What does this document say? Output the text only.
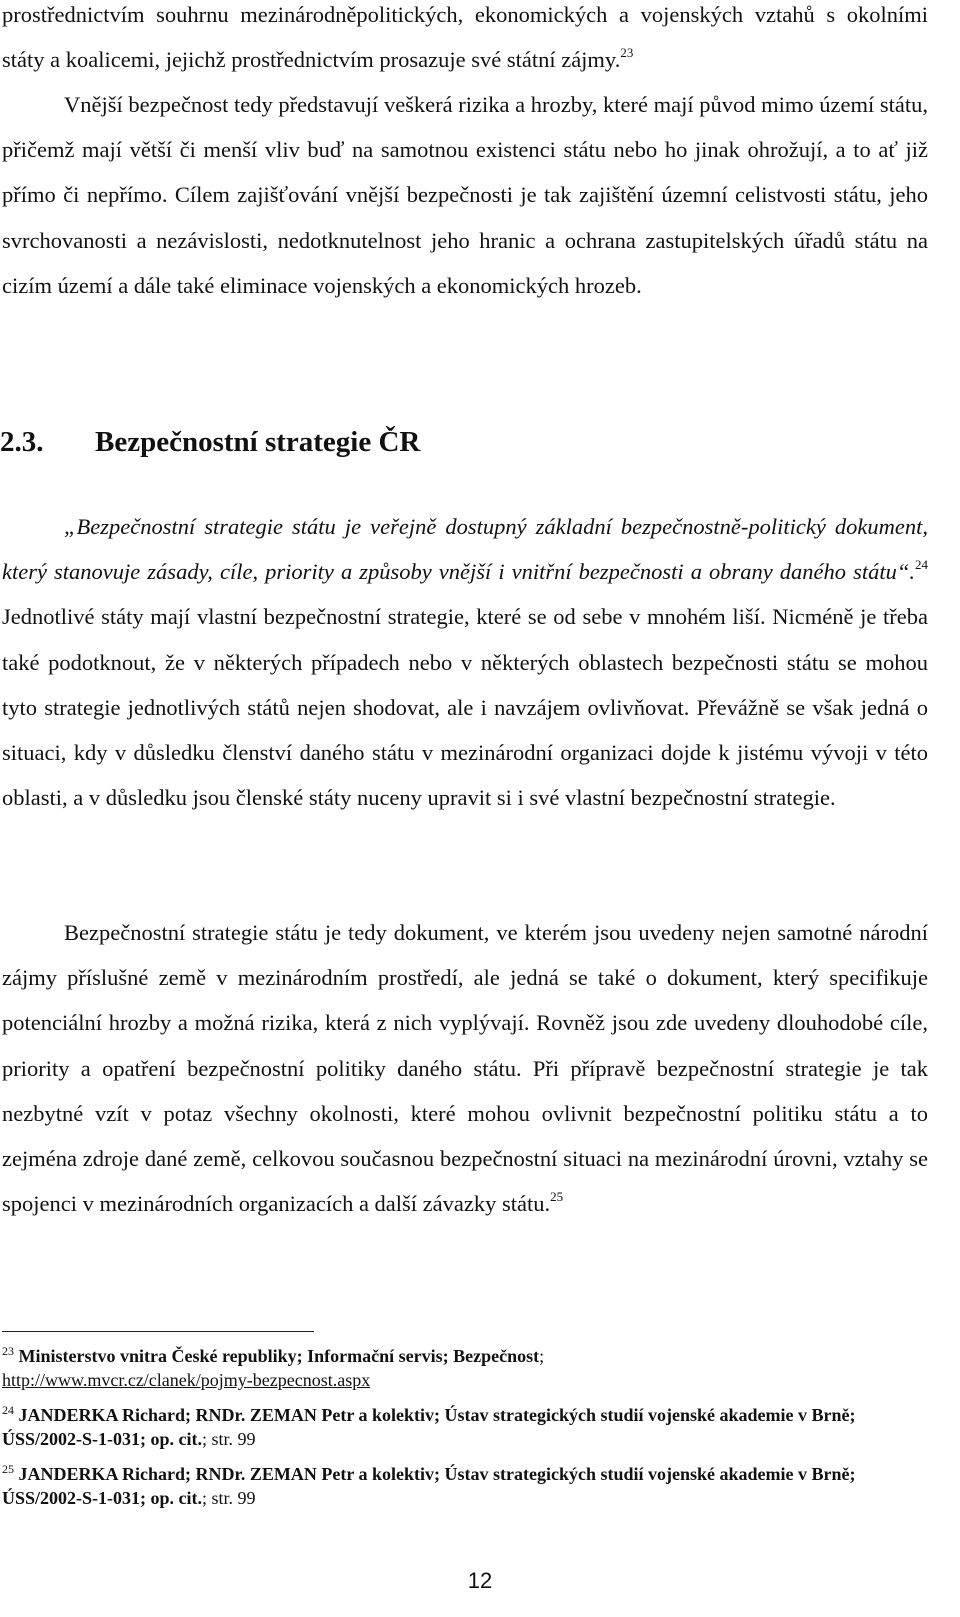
prostřednictvím souhrnu mezinárodněpolitických, ekonomických a vojenských vztahů s okolními státy a koalicemi, jejichž prostřednictvím prosazuje své státní zájmy.$^{23}$

Vnější bezpečnost tedy představují veškerá rizika a hrozby, které mají původ mimo území státu, přičemž mají větší či menší vliv buď na samotnou existenci státu nebo ho jinak ohrožují, a to ať již přímo či nepřímo. Cílem zajišťování vnější bezpečnosti je tak zajištění územní celistvosti státu, jeho svrchovanosti a nezávislosti, nedotknutelnost jeho hranic a ochrana zastupitelských úřadů státu na cizím území a dále také eliminace vojenských a ekonomických hrozeb.

2.3. Bezpečnostní strategie ČR

„Bezpečnostní strategie státu je veřejně dostupný základní bezpečnostně-politický dokument, který stanovuje zásady, cíle, priority a způsoby vnější i vnitřní bezpečnosti a obrany daného státu“.$^{24}$ Jednotlivé státy mají vlastní bezpečnostní strategie, které se od sebe v mnohém liší. Nicméně je třeba také podotknout, že v některých případech nebo v některých oblastech bezpečnosti státu se mohou tyto strategie jednotlivých států nejen shodovat, ale i navzájem ovlivňovat. Převážně se však jedná o situaci, kdy v důsledku členství daného státu v mezinárodní organizaci dojde k jistému vývoji v této oblasti, a v důsledku jsou členské státy nuceny upravit si i své vlastní bezpečnostní strategie.

Bezpečnostní strategie státu je tedy dokument, ve kterém jsou uvedeny nejen samotné národní zájmy příslušné země v mezinárodním prostředí, ale jedná se také o dokument, který specifikuje potenciální hrozby a možná rizika, která z nich vyplývají. Rovněž jsou zde uvedeny dlouhodobé cíle, priority a opatření bezpečnostní politiky daného státu. Při přípravě bezpečnostní strategie je tak nezbytné vzít v potaz všechny okolnosti, které mohou ovlivnit bezpečnostní politiku státu a to zejména zdroje dané země, celkovou současnou bezpečnostní situaci na mezinárodní úrovni, vztahy se spojenci v mezinárodních organizacích a další závazky státu.$^{25}$

$^{23}$ Ministerstvo vnitra České republiky; Informační servis; Bezpečnost;
http://www.mvcr.cz/clanek/pojmy-bezpecnost.aspx

$^{24}$ JANDERKA Richard; RNDr. ZEMAN Petr a kolektiv; Ústav strategických studií vojenské akademie v Brně; ÚSS/2002-S-1-031; op. cit.; str. 99

$^{25}$ JANDERKA Richard; RNDr. ZEMAN Petr a kolektiv; Ústav strategických studií vojenské akademie v Brně; ÚSS/2002-S-1-031; op. cit.; str. 99

12
